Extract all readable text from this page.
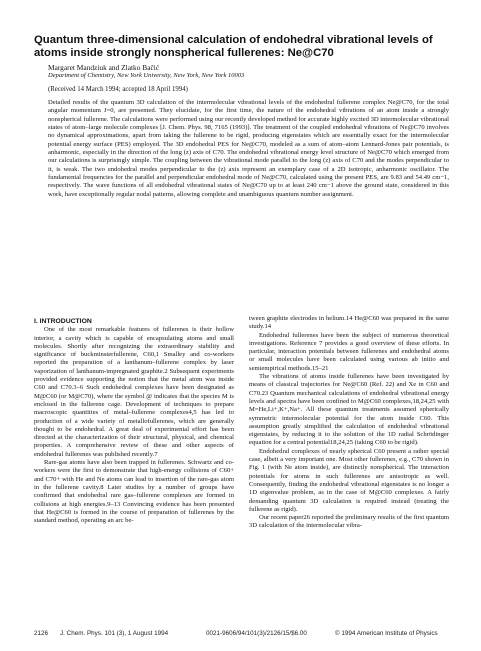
Quantum three-dimensional calculation of endohedral vibrational levels of atoms inside strongly nonspherical fullerenes: Ne@C70
Margaret Mandziuk and Zlatko Bačić
Department of Chemistry, New York University, New York, New York 10003
(Received 14 March 1994; accepted 18 April 1994)

Detailed results of the quantum 3D calculation of the intermolecular vibrational levels of the endohedral fullerene complex Ne@C70, for the total angular momentum J=0, are presented. They elucidate, for the first time, the nature of the endohedral vibrations of an atom inside a strongly nonspherical fullerene. The calculations were performed using our recently developed method for accurate highly excited 3D intermolecular vibrational states of atom–large molecule complexes [J. Chem. Phys. 98, 7165 (1993)]. The treatment of the coupled endohedral vibrations of Ne@C70 involves no dynamical approximations, apart from taking the fullerene to be rigid, producing eigenstates which are essentially exact for the intermolecular potential energy surface (PES) employed. The 3D endohedral PES for Ne@C70, modeled as a sum of atom–atom Lennard-Jones pair potentials, is anharmonic, especially in the direction of the long (z) axis of C70. The endohedral vibrational energy level structure of Ne@C70 which emerged from our calculations is surprisingly simple. The coupling between the vibrational mode parallel to the long (z) axis of C70 and the modes perpendicular to it, is weak. The two endohedral modes perpendicular to the (z) axis represent an exemplary case of a 2D isotropic, anharmonic oscillator. The fundamental frequencies for the parallel and perpendicular endohedral mode of Ne@C70, calculated using the present PES, are 9.83 and 54.49 cm−1, respectively. The wave functions of all endohedral vibrational states of Ne@C70 up to at least 240 cm−1 above the ground state, considered in this work, have exceptionally regular nodal patterns, allowing complete and unambiguous quantum number assignment.

I. INTRODUCTION

One of the most remarkable features of fullerenes is their hollow interior, a cavity which is capable of encapsulating atoms and small molecules. Shortly after recognizing the extraordinary stability and significance of buckminsterfullerene, C60,1 Smalley and co-workers reported the preparation of a lanthanum–fullerene complex by laser vaporization of lanthanum-impregnated graphite.2 Subsequent experiments provided evidence supporting the notion that the metal atom was inside C60 and C70.3–6 Such endohedral complexes have been designated as M@C60 (or M@C70), where the symbol @ indicates that the species M is enclosed in the fullerene cage. Development of techniques to prepare macroscopic quantities of metal–fullerene complexes4,5 has led to production of a wide variety of metallofullerenes, which are generally thought to be endohedral. A great deal of experimental effort has been directed at the characterization of their structural, physical, and chemical properties. A comprehensive review of these and other aspects of endohedral fullerenes was published recently.7

Rare-gas atoms have also been trapped in fullerenes. Schwartz and co-workers were the first to demonstrate that high-energy collisions of C60+ and C70+ with He and Ne atoms can lead to insertion of the rare-gas atom in the fullerene cavity.8 Later studies by a number of groups have confirmed that endohedral rare gas–fullerene complexes are formed in collisions at high energies.9–13 Convincing evidence has been presented that He@C60 is formed in the course of preparation of fullerenes by the standard method, operating an arc be-

tween graphite electrodes in helium.14 He@C60 was prepared in the same study.14

Endohedral fullerenes have been the subject of numerous theoretical investigations. Reference 7 provides a good overview of these efforts. In particular, interaction potentials between fullerenes and endohedral atoms or small molecules have been calculated using various ab initio and semiempirical methods.15–21

The vibrations of atoms inside fullerenes have been investigated by means of classical trajectories for Ne@C60 (Ref. 22) and Xe in C60 and C70.23 Quantum mechanical calculations of endohedral vibrational energy levels and spectra have been confined to M@C60 complexes,18,24,25 with M=He,Li+,K+,Na+. All these quantum treatments assumed spherically symmetric intermolecular potential for the atom inside C60. This assumption greatly simplified the calculation of endohedral vibrational eigenstates, by reducing it to the solution of the 1D radial Schrödinger equation for a central potential18,24,25 (taking C60 to be rigid).

Endohedral complexes of nearly spherical C60 present a rather special case, albeit a very important one. Most other fullerenes, e.g., C70 shown in Fig. 1 (with Ne atom inside), are distinctly nonspherical. The interaction potentials for atoms in such fullerenes are anisotropic as well. Consequently, finding the endohedral vibrational eigenstates is no longer a 1D eigenvalue problem, as in the case of M@C60 complexes. A fairly demanding quantum 3D calculation is required instead (treating the fullerene as rigid).

Our recent paper26 reported the preliminary results of the first quantum 3D calculation of the intermolecular vibra-

2126 J. Chem. Phys. 101 (3), 1 August 1994	0021-9606/94/101(3)/2126/15/$6.00	© 1994 American Institute of Physics
